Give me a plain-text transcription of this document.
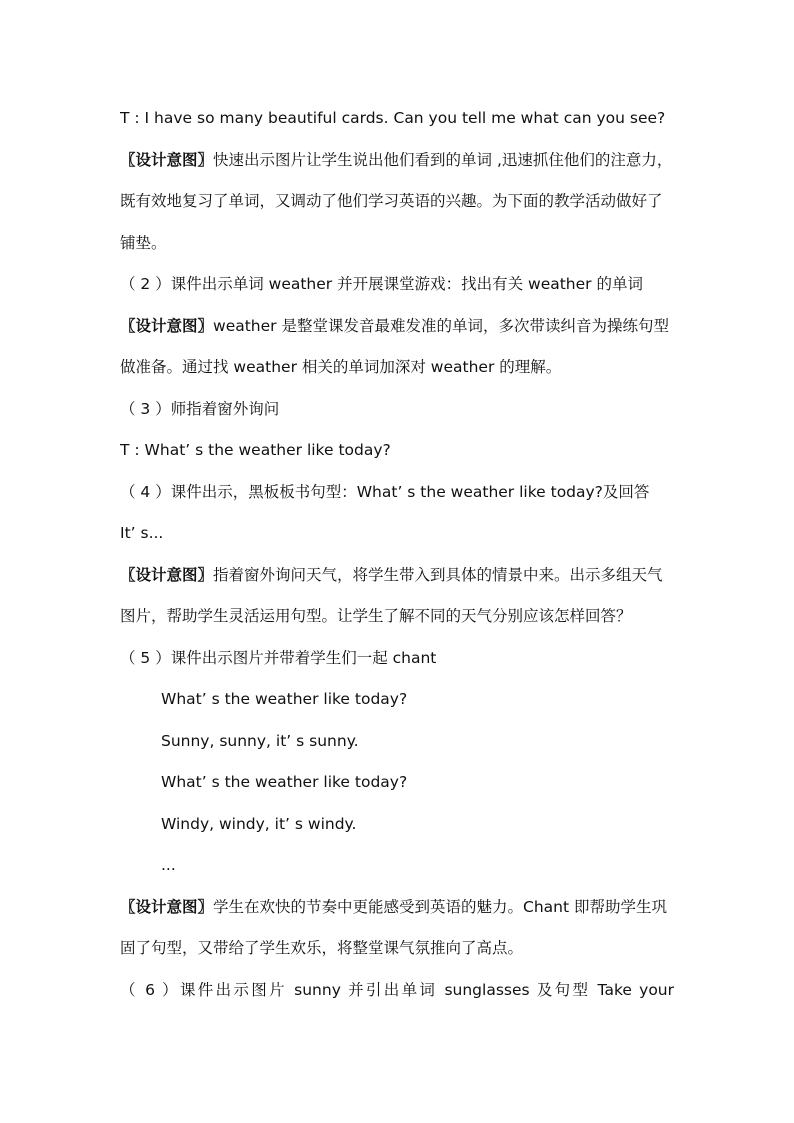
T : I have so many beautiful cards. Can you tell me what can you see?
〖设计意图〗快速出示图片让学生说出他们看到的单词 ,迅速抓住他们的注意力，
既有效地复习了单词，又调动了他们学习英语的兴趣。为下面的教学活动做好了
铺垫。
（ 2 ）课件出示单词 weather 并开展课堂游戏：找出有关 weather 的单词
〖设计意图〗weather 是整堂课发音最难发准的单词，多次带读纠音为操练句型
做准备。通过找 weather 相关的单词加深对 weather 的理解。
（ 3 ）师指着窗外询问
T : What’ s the weather like today?
（ 4 ）课件出示，黑板板书句型：What’ s the weather like today?及回答
It’ s...
〖设计意图〗指着窗外询问天气，将学生带入到具体的情景中来。出示多组天气
图片，帮助学生灵活运用句型。让学生了解不同的天气分别应该怎样回答？
（ 5 ）课件出示图片并带着学生们一起 chant
What’ s the weather like today?
Sunny, sunny, it’ s sunny.
What’ s the weather like today?
Windy, windy, it’ s windy.
...
〖设计意图〗学生在欢快的节奏中更能感受到英语的魅力。Chant 即帮助学生巩
固了句型，又带给了学生欢乐，将整堂课气氛推向了高点。
（ 6 ）课件出示图片 sunny 并引出单词 sunglasses 及句型 Take your
